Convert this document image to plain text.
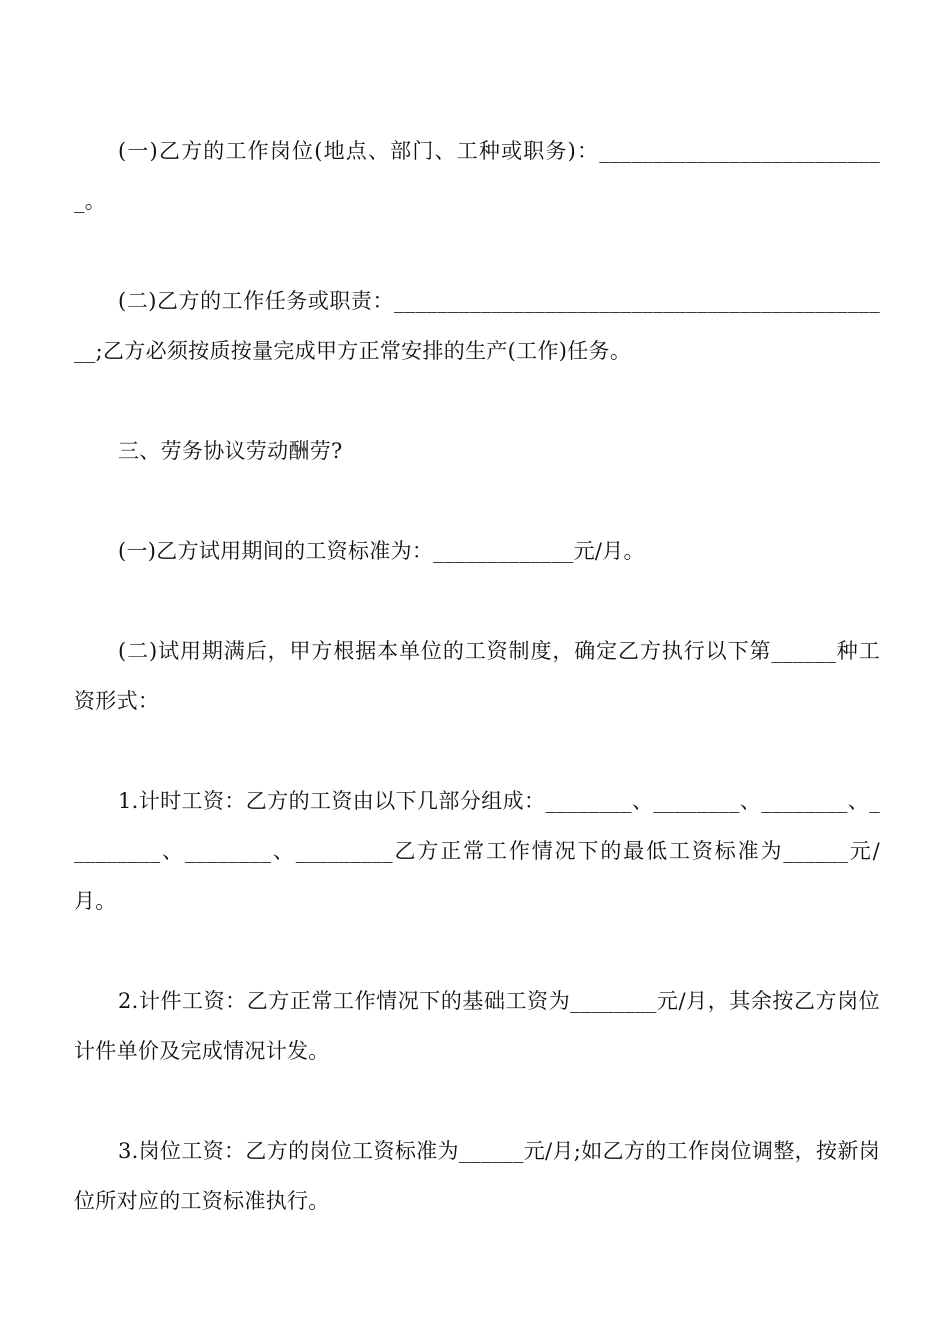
(一)乙方的工作岗位(地点、部门、工种或职务)：___________________________。

(二)乙方的工作任务或职责：_______________________________________________;乙方必须按质按量完成甲方正常安排的生产(工作)任务。

三、劳务协议劳动酬劳?

(一)乙方试用期间的工资标准为：_____________元/月。

(二)试用期满后，甲方根据本单位的工资制度，确定乙方执行以下第______种工资形式：

1.计时工资：乙方的工资由以下几部分组成：________、________、________、_________、________、_________乙方正常工作情况下的最低工资标准为______元/月。

2.计件工资：乙方正常工作情况下的基础工资为________元/月，其余按乙方岗位计件单价及完成情况计发。

3.岗位工资：乙方的岗位工资标准为______元/月;如乙方的工作岗位调整，按新岗位所对应的工资标准执行。
